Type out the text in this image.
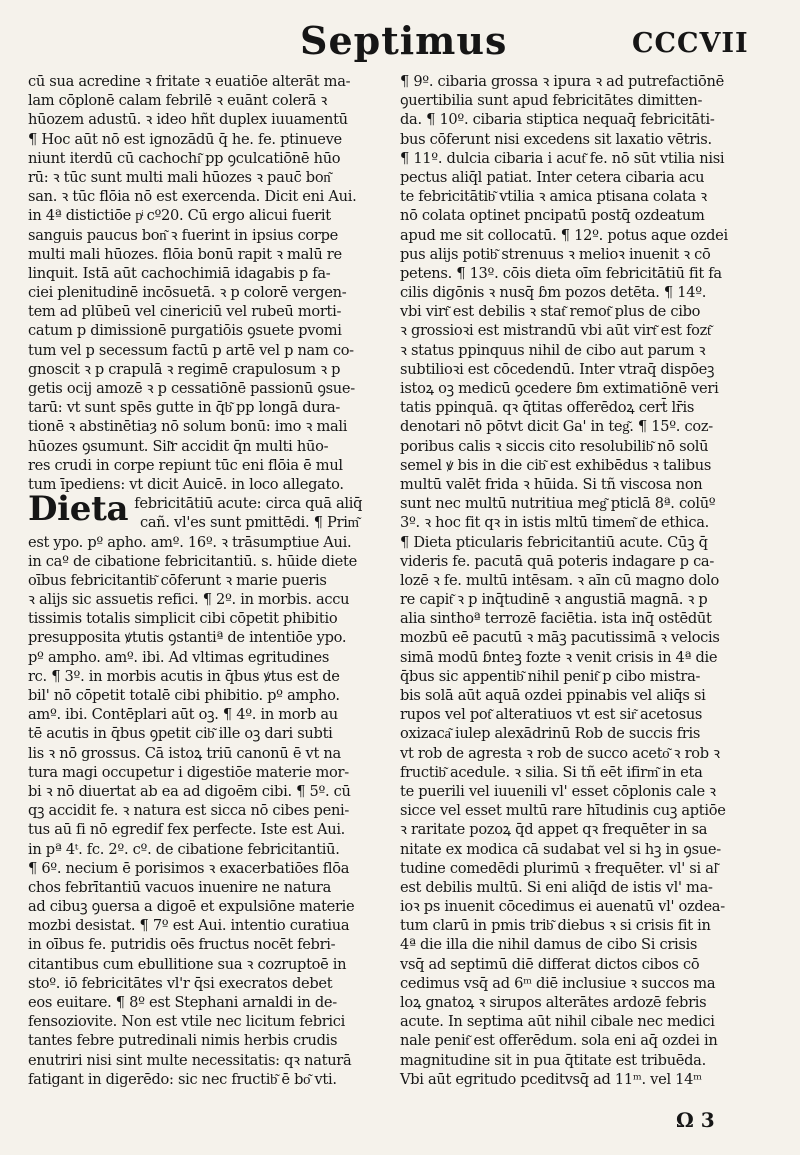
Septimus	CCCVII
cū sua acredine ꝛ fritate ꝛ euatiōe alterāt ma-
lam cōplonē calam febrilē ꝛ euānt colerā ꝛ
hūozem adustū. ꝛ ideo hñt duplex iuuamentū
¶ Hoc aūt nō est ignozādū q̄ he. fe. ptinueve
niunt iterdū cū cachochi͂ pp ꝯculcatiōnē hūo
rū: ꝛ tūc sunt multi mali hūozes ꝛ pauc̄ bon͂
san. ꝛ tūc flōia nō est exercenda. Dicit eni Aui.
in 4ª distictiōe pͥ cº20. Cū ergo alicui fuerit
sanguis paucus bon͂ ꝛ fuerint in ipsius corpe
multi mali hūozes. flōia bonū rapit ꝛ malū re
linquit. Istā aūt cachochimiā idagabis p fa-
ciei plenitudinē incōsuetā. ꝛ p colorē vergen-
tem ad plūbeū vel cinericiū vel rubeū morti-
catum p dimissionē purgatiōis ꝯsuete pvomi
tum vel p secessum factū p artē vel p nam co-
gnoscit ꝛ p crapulā ꝛ regimē crapulosum ꝛ p
getis ocij amozē ꝛ p cessatiōnē passionū ꝯsue-
tarū: vt sunt spēs gutte in q̄b͂ pp longā dura-
tionē ꝛ abstinētiaȝ nō solum bonū: imo ꝛ mali
hūozes ꝯsumunt. Sil͂r accidit q̄n multi hūo-
res crudi in corpe repiunt tūc eni flōia ē mul
tum īpediens: vt dicit Auicē. in loco allegato.
Dieta febricitātiū acute: circa quā aliq̄
cañ. vl'es sunt pmittēdi. ¶ Prim͂
est ypo. pº apho. amº. 16º. ꝛ trāsumptiue Aui.
in caº de cibatione febricitantiū. s. hūide diete
oībus febricitantib͂ cōferunt ꝛ marie pueris
ꝛ alijs sic assuetis refici. ¶ 2º. in morbis. accu
tissimis totalis simplicit cibi cōpetit phibitio
presupposita ꝟtutis ꝯstantiª de intentiōe ypo.
pº ampho. amº. ibi. Ad vltimas egritudines
rc. ¶ 3º. in morbis acutis in q̄bus ꝟtus est de
bil' nō cōpetit totalē cibi phibitio. pº ampho.
amº. ibi. Contēplari aūt oꝫ. ¶ 4º. in morb au
tē acutis in q̄bus ꝯpetit cib͂ ille oꝫ dari subti
lis ꝛ nō grossus. Cā istoꝝ triū canonū ē vt na
tura magi occupetur i digestiōe materie mor-
bi ꝛ nō diuertat ab ea ad digoēm cibi. ¶ 5º. cū
qꝫ accidit fe. ꝛ natura est sicca nō cibes peni-
tus aū fi nō egredif fex perfecte. Iste est Aui.
in pª 4ᵗ. fc. 2º. cº. de cibatione febricitantiū.
¶ 6º. necium ē porisimos ꝛ exacerbatiōes flōa
chos febrītantiū vacuos inuenire ne natura
ad cibuꝫ ꝯuersa a digoē et expulsiōne materie
mozbi desistat. ¶ 7º est Aui. intentio curatiua
in oībus fe. putridis oēs fructus nocēt febri-
citantibus cum ebullitione sua ꝛ cozruptoē in
stoº. iō febricitātes vl'r q̄si execratos debet
eos euitare. ¶ 8º est Stephani arnaldi in de-
fensoziovite. Non est vtile nec licitum febrici
tantes febre putredinali nimis herbis crudis
enutriri nisi sint multe necessitatis: qꝛ naturā
fatigant in digerēdo: sic nec fructib͂ ē bo͂ vti.
¶ 9º. cibaria grossa ꝛ ipura ꝛ ad putrefactiōnē
ꝯuertibilia sunt apud febricitātes dimitten-
da. ¶ 10º. cibaria stiptica nequaq̄ febricitāti-
bus cōferunt nisi excedens sit laxatio vētris.
¶ 11º. dulcia cibaria i acut͂ fe. nō sūt vtilia nisi
pectus aliq̄l patiat. Inter cetera cibaria acu
te febricitātib͂ vtilia ꝛ amica ptisana colata ꝛ
nō colata optinet pncipatū postq̄ ozdeatum
apud me sit collocatū. ¶ 12º. potus aque ozdei
pus alijs potib͂ strenuus ꝛ melioꝛ inuenit ꝛ cō
petens. ¶ 13º. cōis dieta oīm febricitātiū fit fa
cilis digōnis ꝛ nusq̄ ɓm pozos detēta. ¶ 14º.
vbi virt͂ est debilis ꝛ stat͂ remot͂ plus de cibo
ꝛ grossioꝛi est mistrandū vbi aūt virt͂ est fozt͂
ꝛ status ppinquus nihil de cibo aut parum ꝛ
subtilioꝛi est cōcedendū. Inter vtraq̄ dispōeꝫ
istoꝝ oꝫ medicū ꝯcedere ɓm extimatiōnē veri
tatis ppinquā. qꝛ q̄titas offerēdoꝝ cert̄ lr̄is
denotari nō pōtvt dicit Ga' in teg͂. ¶ 15º. coz-
poribus calis ꝛ siccis cito resolubilib͂ nō solū
semel ꝟ bis in die cib͂ est exhibēdus ꝛ talibus
multū valēt frida ꝛ hūida. Si tñ viscosa non
sunt nec multū nutritiua meg͂ pticlā 8ª. colūº
3º. ꝛ hoc fit qꝛ in istis mltū timem͂ de ethica.
¶ Dieta pticularis febricitantiū acute. Cūꝫ q̄
videris fe. pacutā quā poteris indagare p ca-
lozē ꝛ fe. multū intēsam. ꝛ aīn cū magno dolo
re capit͂ ꝛ p inq̄tudinē ꝛ angustiā magnā. ꝛ p
alia sinthoª terrozē faciētia. ista inq̄ ostēdūt
mozbū eē pacutū ꝛ māꝫ pacutissimā ꝛ velocis
simā modū ɓnteꝫ fozte ꝛ venit crisis in 4ª die
q̄bus sic appentib͂ nihil penit͂ p cibo mistra-
bis solā aūt aquā ozdei ppinabis vel aliq̄s si
rupos vel pot͂ alteratiuos vt est sir͂ acetosus
oxizaca͂ iulep alexādrinū Rob de succis fris
vt rob de agresta ꝛ rob de succo aceto͂ ꝛ rob ꝛ
fructib͂ acedule. ꝛ silia. Si tñ eēt ifirm͂ in eta
te puerili vel iuuenili vl' esset cōplonis cale ꝛ
sicce vel esset multū rare hītudinis cuꝫ aptiōe
ꝛ raritate pozoꝝ q̄d appet qꝛ frequēter in sa
nitate ex modica cā sudabat vel si hꝫ in ꝯsue-
tudine comedēdi plurimū ꝛ frequēter. vl' si al͂
est debilis multū. Si eni aliq̄d de istis vl' ma-
ioꝛ ps inuenit cōcedimus ei auenatū vl' ozdea-
tum clarū in pmis trib͂ diebus ꝛ si crisis fit in
4ª die illa die nihil damus de cibo Si crisis
vsq̄ ad septimū diē differat dictos cibos cō
cedimus vsq̄ ad 6ᵐ diē inclusiue ꝛ succos ma
loꝝ gnatoꝝ ꝛ sirupos alterātes ardozē febris
acute. In septima aūt nihil cibale nec medici
nale penit͂ est offerēdum. sola eni aq̄ ozdei in
magnitudine sit in pua q̄titate est tribuēda.
Vbi aūt egritudo pceditvsq̄ ad 11ᵐ. vel 14ᵐ
Ω 3
